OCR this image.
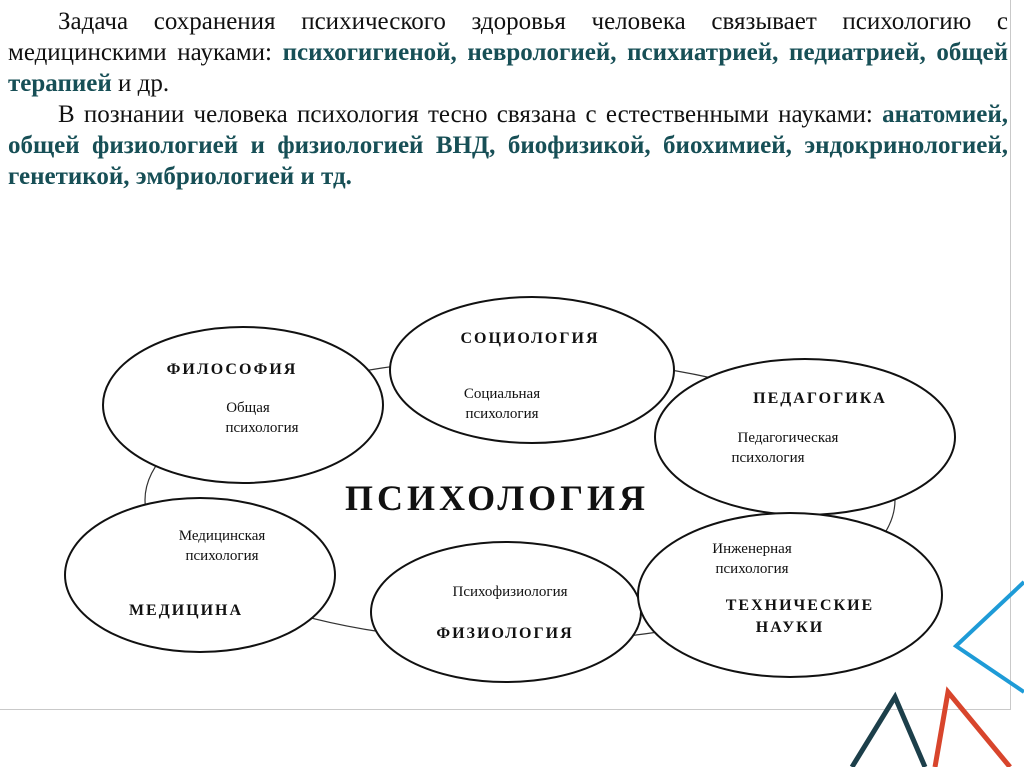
Задача сохранения психического здоровья человека связывает психологию с медицинскими науками: психогигиеной, неврологией, психиатрией, педиатрией, общей терапией и др.

В познании человека психология тесно связана с естественными науками: анатомией, общей физиологией и физиологией ВНД, биофизикой, биохимией, эндокринологией, генетикой, эмбриологией и тд.

ФИЛОСОФИЯ
Общая
психология
СОЦИОЛОГИЯ
Социальная
психология
ПЕДАГОГИКА
Педагогическая
психология
Медицинская
психология
МЕДИЦИНА
Психофизиология
ФИЗИОЛОГИЯ
Инженерная
психология
ТЕХНИЧЕСКИЕ
НАУКИ
ПСИХОЛОГИЯ
